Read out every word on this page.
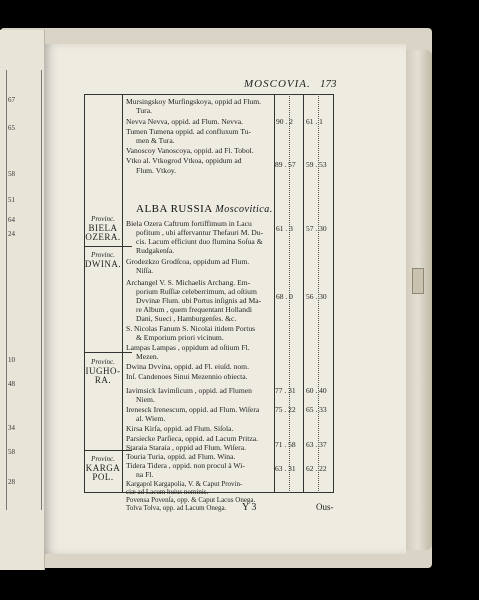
67
65
58
51
64
24
10
48
34
58
28
MOSCOVIA. 173
Provinc.
BIELA OZERA.
Provinc.
DWINA.
Provinc.
IUGHO-RA.
Provinc.
KARGA POL.
ALBA RUSSIA Moscovitica.
Mursingskoy Murfingskoya, oppid ad Flum.
Tura.
Nevva Nevva, oppid. ad Flum. Nevva.
Tumen Tumena oppid. ad confluxum Tu-
men & Tura.
Vanoscoy Vanoscoya, oppid. ad Fl. Tobol.
Vtko al. Vtkogrod Vtkoa, oppidum ad
Flum. Vtkoy.
Biela Ozera Caftrum fortiffimum in Lacu
pofitum , ubi affervantur Thefauri M. Du-
cis. Lacum efficiunt duo flumina Soſua &
Rudgakenſa.
Grodezkzo Grodſcoa, oppidum ad Flum.
Niſſa.
Archangel V. S. Michaelis Archang. Em-
porium Ruſſiæ celeberrimum, ad oſtium
Dvvinæ Flum. ubi Portus inſignis ad Ma-
re Album , quem frequentant Hollandi
Dani, Sueci , Hamburgenſes. &c.
S. Nicolas Fanum S. Nicolai itidem Portus
& Emporium priori vicinum.
Lampas Lampas , oppidum ad oſtium Fl.
Mezen.
Dwina Dvvina, oppid. ad Fl. eiuſd. nom.
Inſ. Candenoes Sinui Mezennio obiecta.
Iavimsick Iavimſicum , oppid. ad Flumen
Niem.
Irenesck Irenescum, oppid. ad Flum. Wiſera
al. Wiem.
Kirsa Kirſa, oppid. ad Flum. Siſola.
Parsiecke Parſieca, oppid. ad Lacum Pritza.
Staraia Staraia , oppid ad Flum. Wiſera.
Touria Turia, oppid. ad Flum. Wina.
Tidera Tidera , oppid. non procul à Wi-
na Fl.
Kargapol Kargapolia, V. & Caput Provin-
ciæ ad Lacum huius nominis.
Povensa Povenſa, opp. & Caput Lacus Onega.
Tolva Tolva, opp. ad Lacum Onega.
90 . 2 61 . 1
89 . 57 59 . 53
61 . 3 57 . 30
68 . 0 56 . 30
77 . 31 60 . 40
75 . 22 65 . 33
71 . 58 63 . 37
63 . 31 62 . 22
Y 3	Ous-
